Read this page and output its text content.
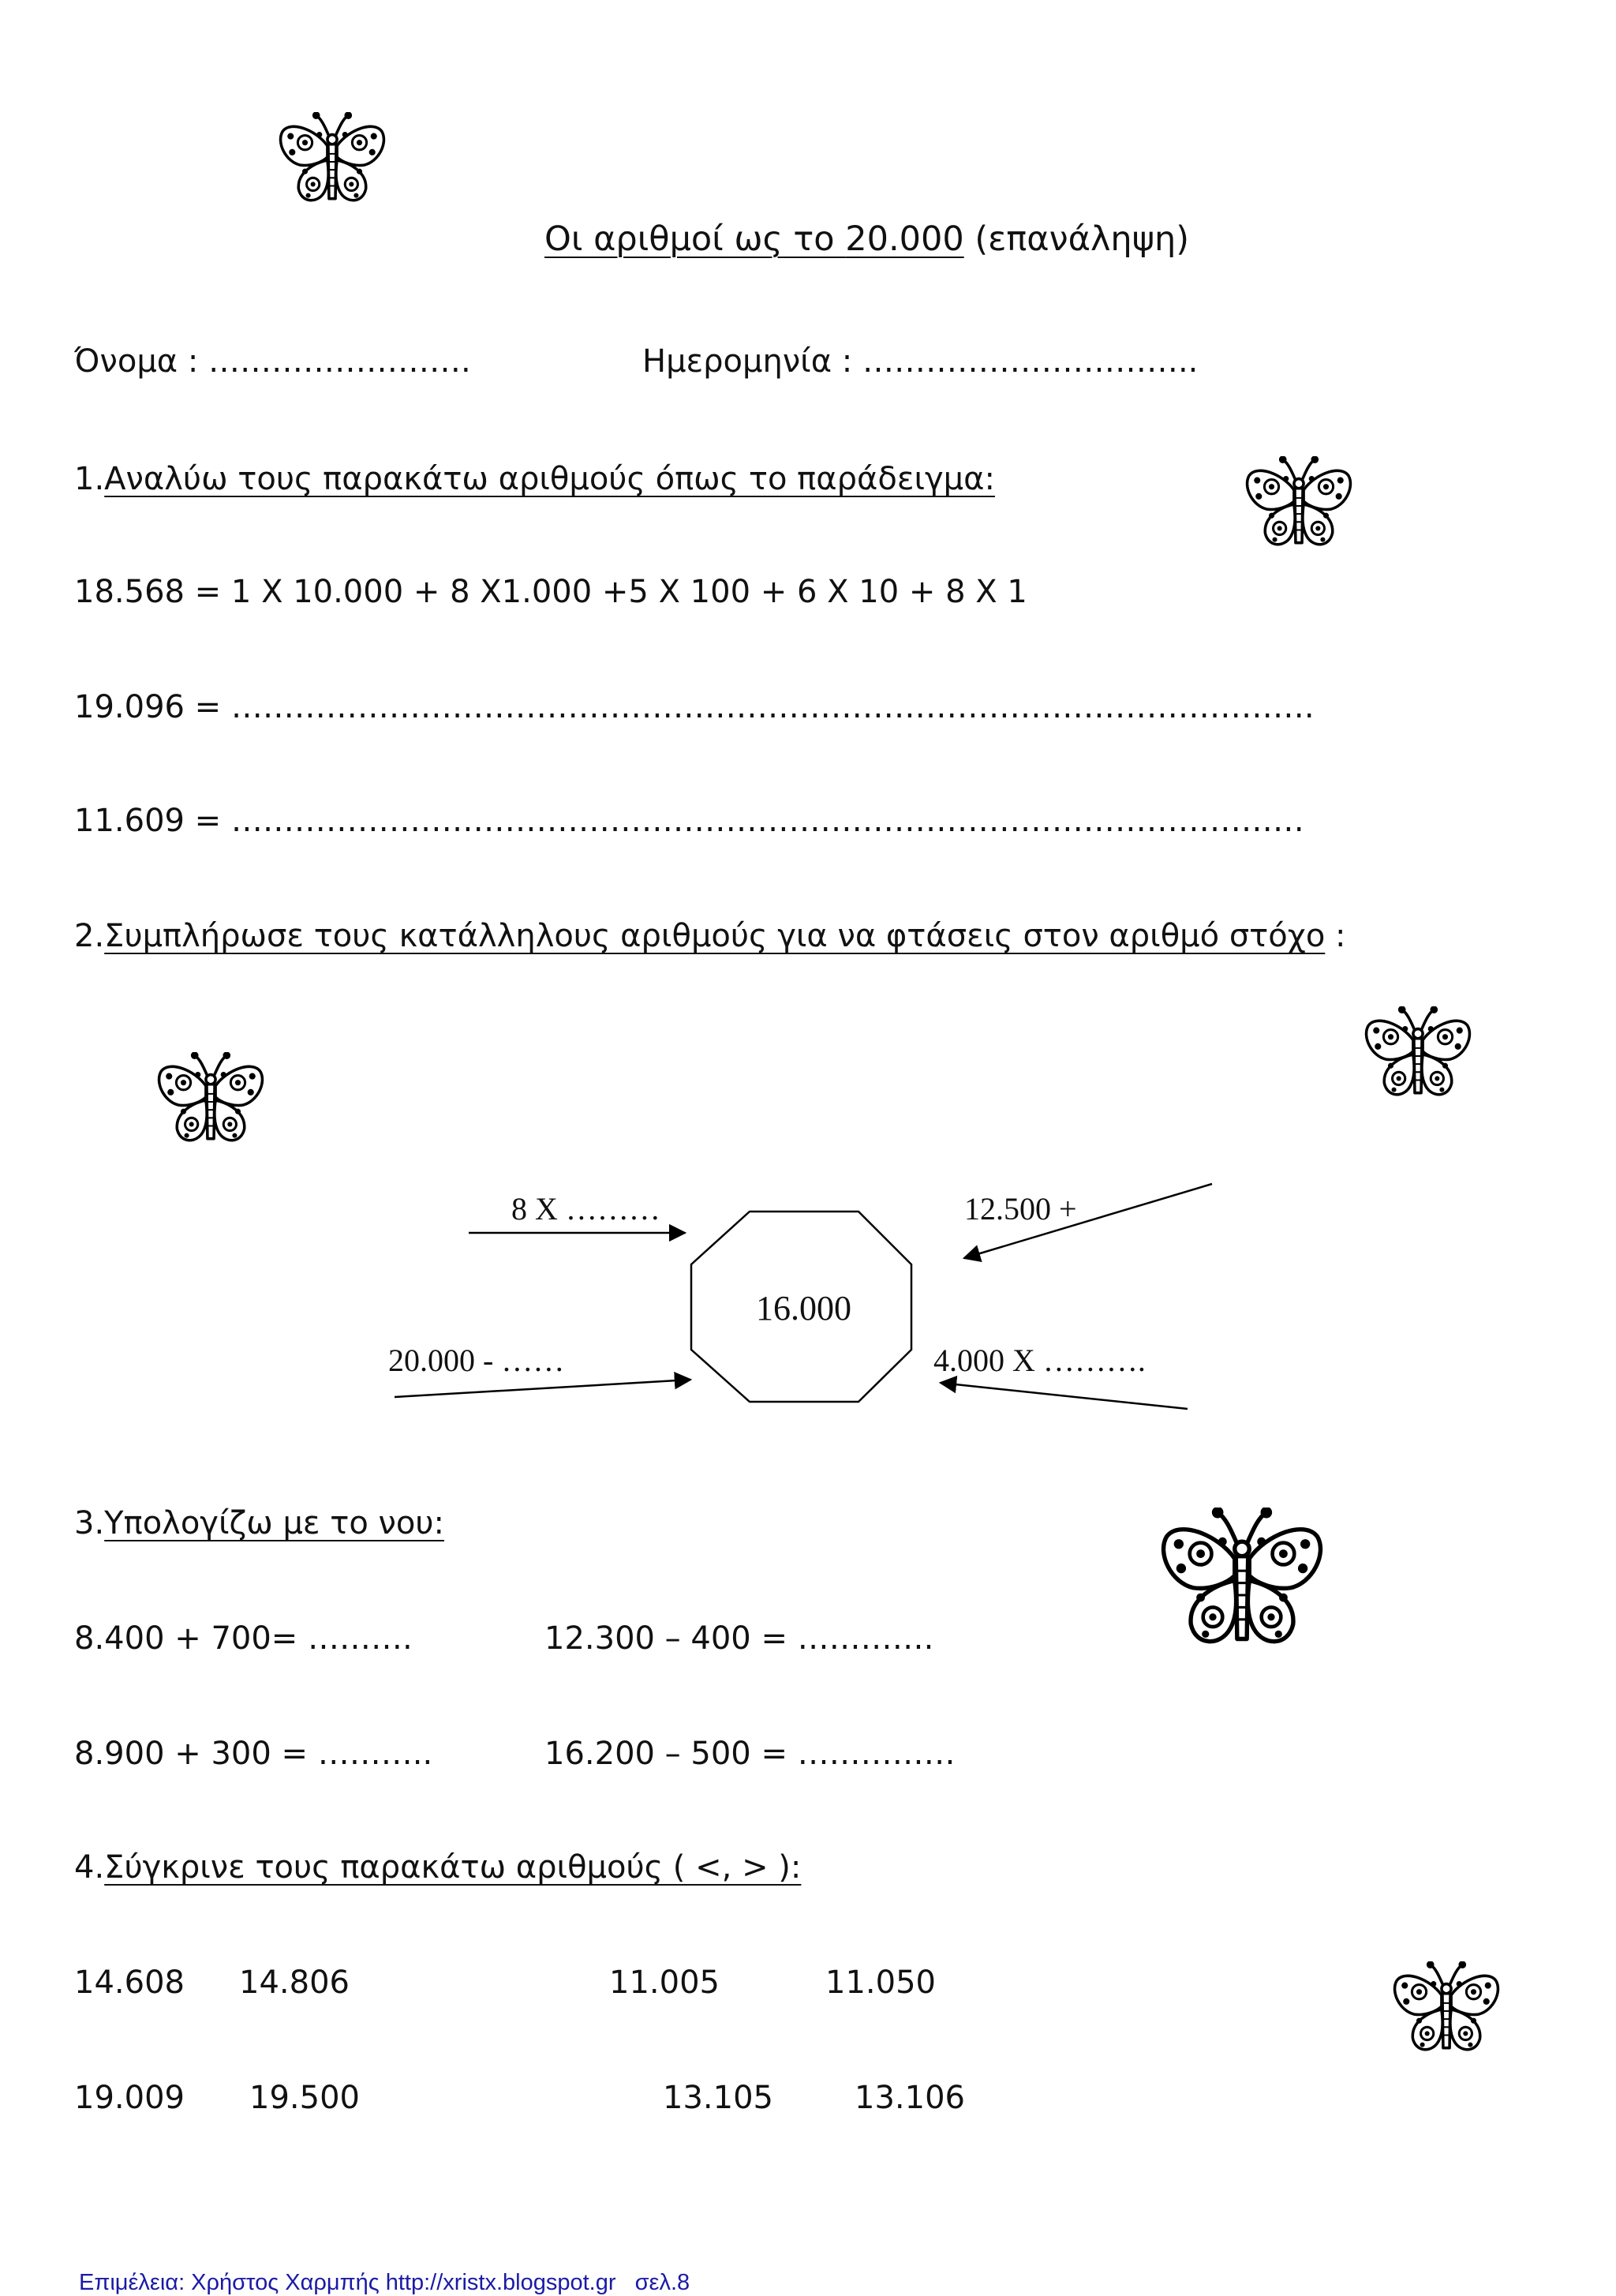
Οι αριθμοί ως το 20.000 (επανάληψη)
Όνομα : …………………….	Ημερομηνία : …………………………..
1.Αναλύω τους παρακάτω αριθμούς όπως το παράδειγμα:
18.568 = 1 Χ 10.000 + 8 Χ1.000 +5 Χ 100 + 6 Χ 10 + 8 Χ 1
19.096 = ………………………………………………………………………………………….
11.609 = …………………………………………………………………………………………
2.Συμπλήρωσε τους κατάλληλους αριθμούς για να φτάσεις στον αριθμό στόχο :
16.000
8 Χ ………	12.500 +
20.000 - ……	4.000 Χ ……….
3.Υπολογίζω με το νου:
8.400 + 700= ……….	12.300 – 400 = ………….
8.900 + 300 = ………..	16.200 – 500 = ……………
4.Σύγκρινε τους παρακάτω αριθμούς ( <, > ):
14.608 14.806	11.005	11.050
19.009 19.500	13.105	13.106
Επιμέλεια: Χρήστος Χαρμπής http://xristx.blogspot.gr   σελ.8
